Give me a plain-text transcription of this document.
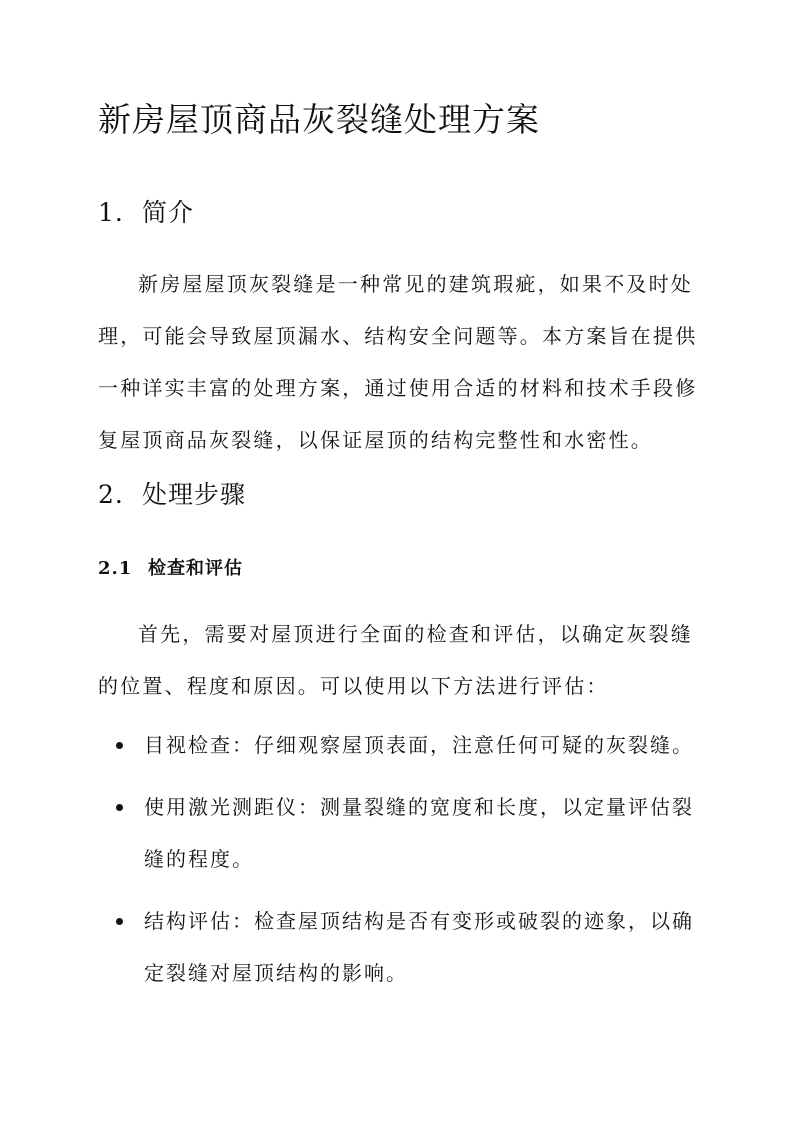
新房屋顶商品灰裂缝处理方案
1. 简介

新房屋屋顶灰裂缝是一种常见的建筑瑕疵，如果不及时处理，可能会导致屋顶漏水、结构安全问题等。本方案旨在提供一种详实丰富的处理方案，通过使用合适的材料和技术手段修复屋顶商品灰裂缝，以保证屋顶的结构完整性和水密性。

2. 处理步骤
2.1 检查和评估

首先，需要对屋顶进行全面的检查和评估，以确定灰裂缝的位置、程度和原因。可以使用以下方法进行评估：

目视检查：仔细观察屋顶表面，注意任何可疑的灰裂缝。
使用激光测距仪：测量裂缝的宽度和长度，以定量评估裂缝的程度。
结构评估：检查屋顶结构是否有变形或破裂的迹象，以确定裂缝对屋顶结构的影响。
